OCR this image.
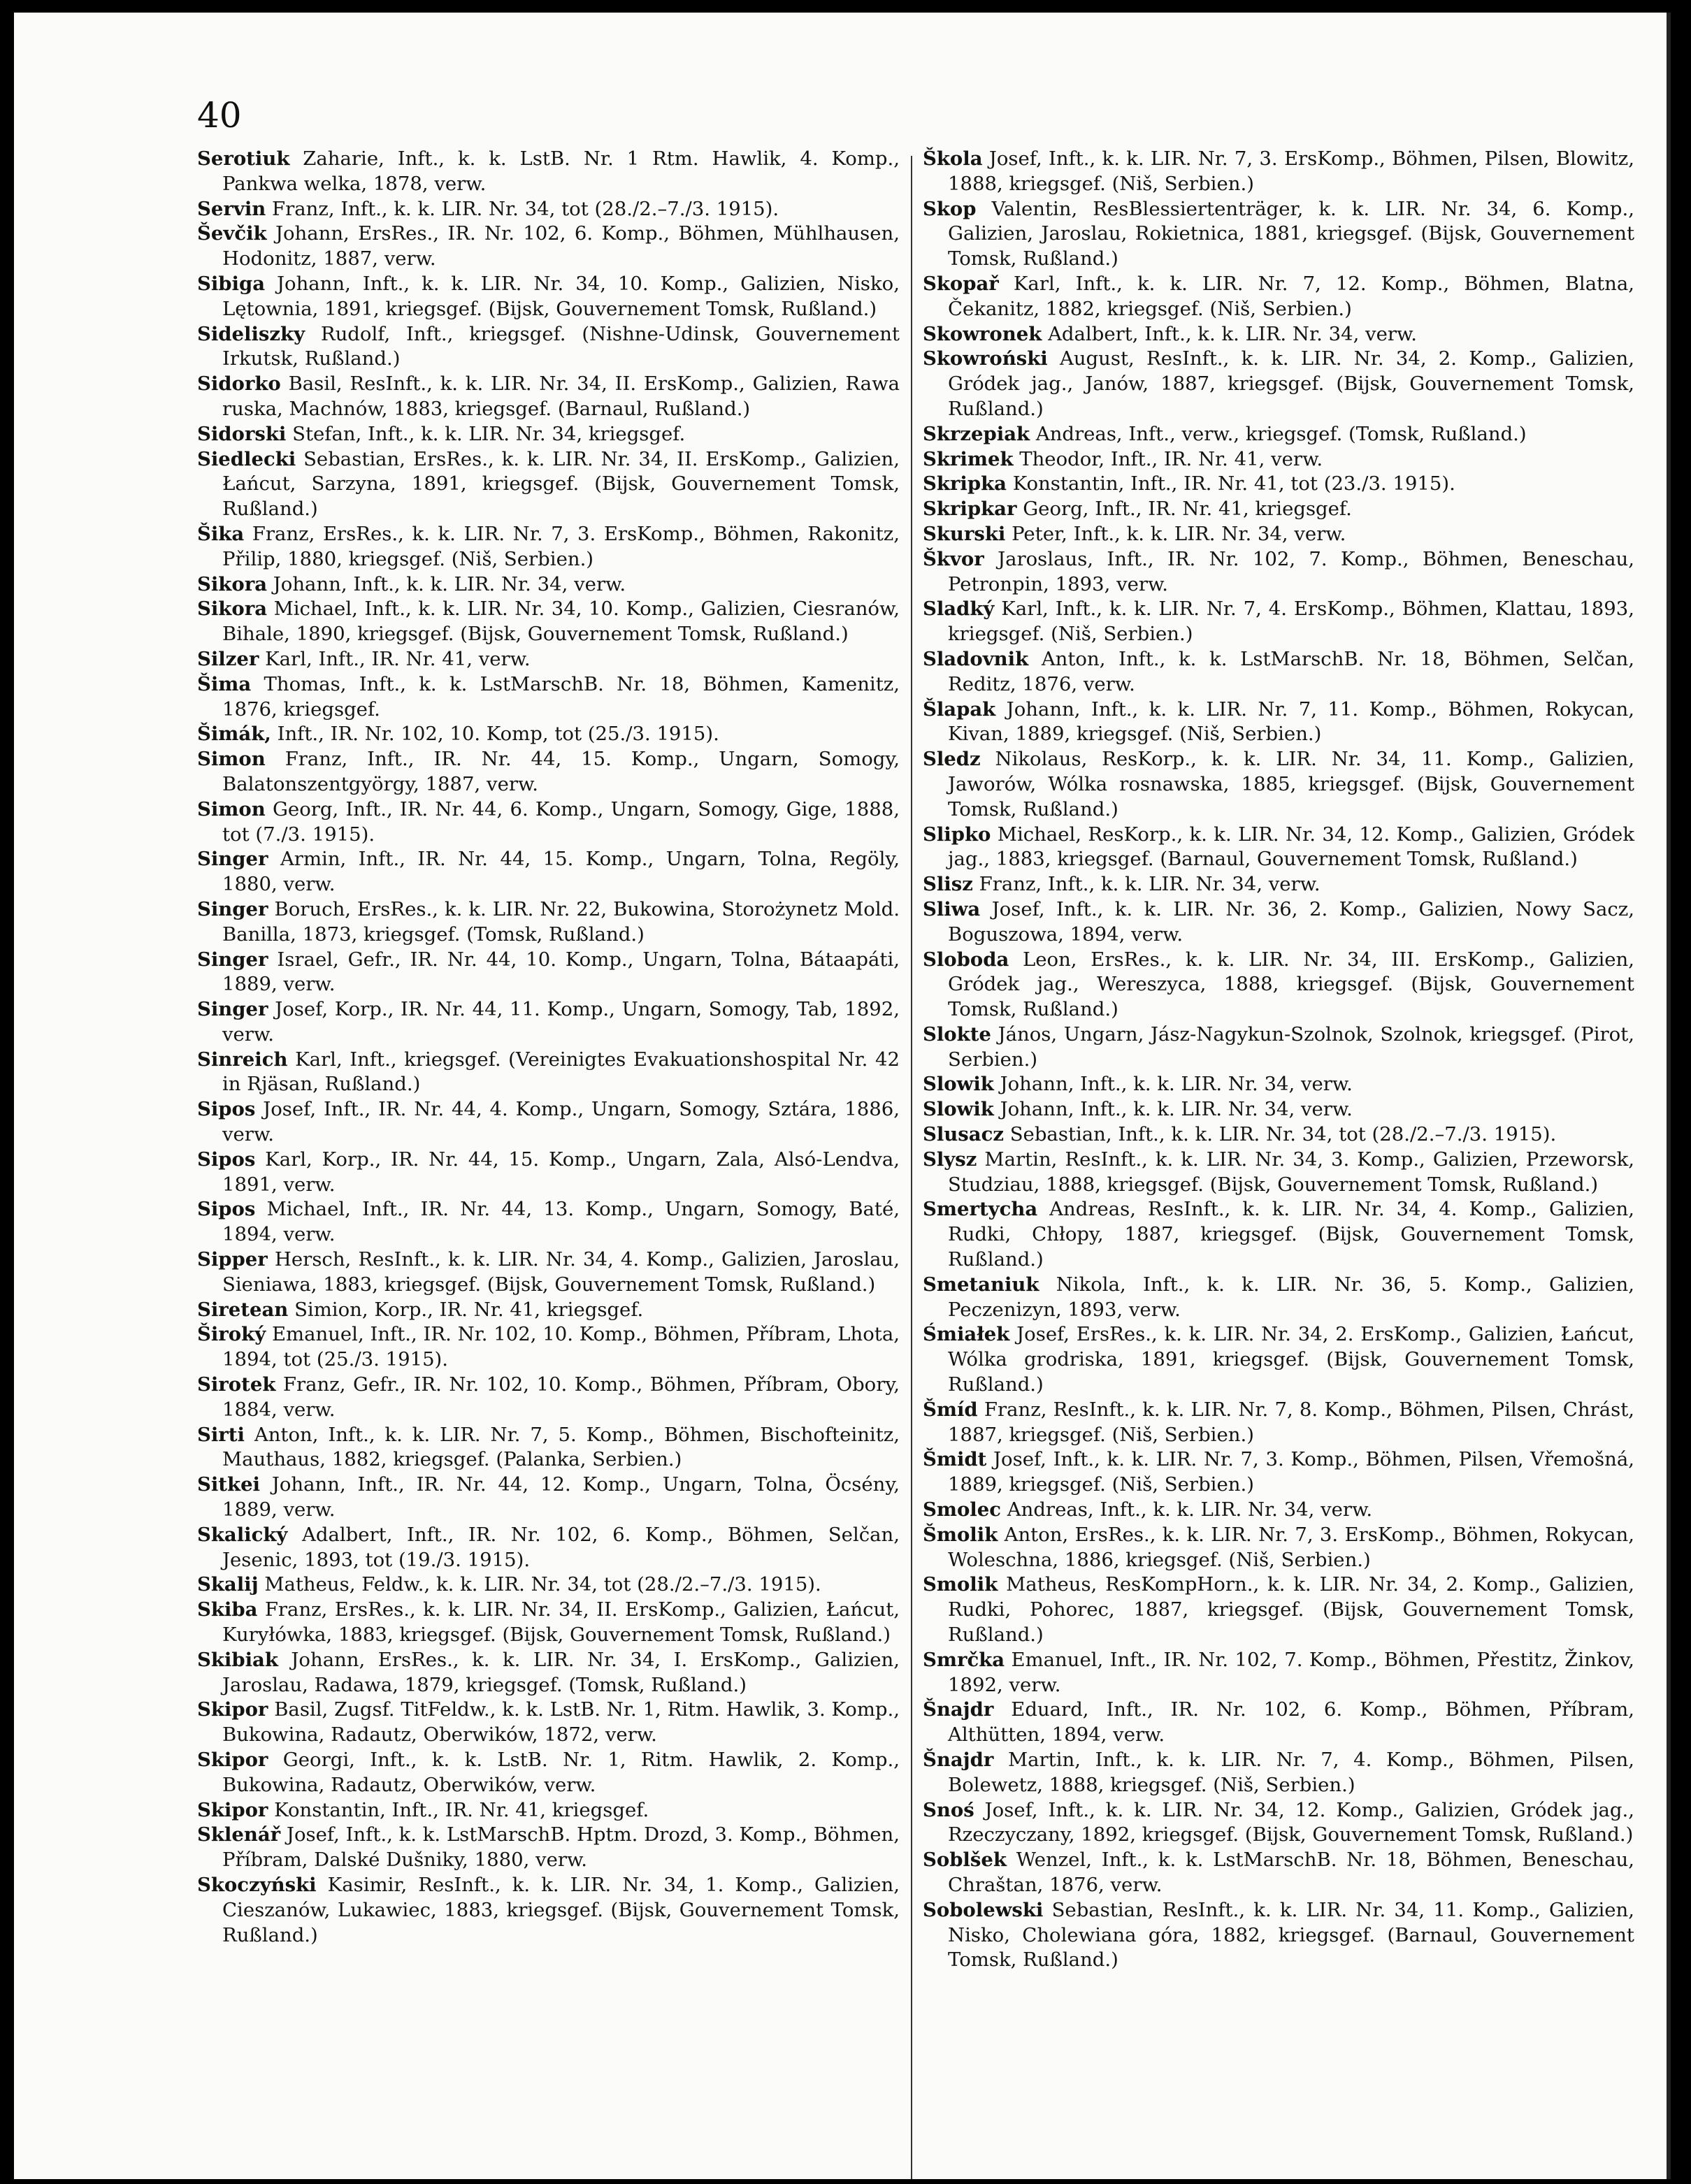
40

Serotiuk Zaharie, Inft., k. k. LstB. Nr. 1 Rtm. Hawlik, 4. Komp., Pankwa welka, 1878, verw.

Servin Franz, Inft., k. k. LIR. Nr. 34, tot (28./2.–7./3. 1915).

Ševčik Johann, ErsRes., IR. Nr. 102, 6. Komp., Böhmen, Mühlhausen, Hodonitz, 1887, verw.

Sibiga Johann, Inft., k. k. LIR. Nr. 34, 10. Komp., Galizien, Nisko, Lętownia, 1891, kriegsgef. (Bijsk, Gouvernement Tomsk, Rußland.)

Sideliszky Rudolf, Inft., kriegsgef. (Nishne-Udinsk, Gouvernement Irkutsk, Rußland.)

Sidorko Basil, ResInft., k. k. LIR. Nr. 34, II. ErsKomp., Galizien, Rawa ruska, Machnów, 1883, kriegsgef. (Barnaul, Rußland.)

Sidorski Stefan, Inft., k. k. LIR. Nr. 34, kriegsgef.

Siedlecki Sebastian, ErsRes., k. k. LIR. Nr. 34, II. ErsKomp., Galizien, Łańcut, Sarzyna, 1891, kriegsgef. (Bijsk, Gouvernement Tomsk, Rußland.)

Šika Franz, ErsRes., k. k. LIR. Nr. 7, 3. ErsKomp., Böhmen, Rakonitz, Přilip, 1880, kriegsgef. (Niš, Serbien.)

Sikora Johann, Inft., k. k. LIR. Nr. 34, verw.

Sikora Michael, Inft., k. k. LIR. Nr. 34, 10. Komp., Galizien, Ciesranów, Bihale, 1890, kriegsgef. (Bijsk, Gouvernement Tomsk, Rußland.)

Silzer Karl, Inft., IR. Nr. 41, verw.

Šima Thomas, Inft., k. k. LstMarschB. Nr. 18, Böhmen, Kamenitz, 1876, kriegsgef.

Šimák, Inft., IR. Nr. 102, 10. Komp, tot (25./3. 1915).

Simon Franz, Inft., IR. Nr. 44, 15. Komp., Ungarn, Somogy, Balatonszentgyörgy, 1887, verw.

Simon Georg, Inft., IR. Nr. 44, 6. Komp., Ungarn, Somogy, Gige, 1888, tot (7./3. 1915).

Singer Armin, Inft., IR. Nr. 44, 15. Komp., Ungarn, Tolna, Regöly, 1880, verw.

Singer Boruch, ErsRes., k. k. LIR. Nr. 22, Bukowina, Storożynetz Mold. Banilla, 1873, kriegsgef. (Tomsk, Rußland.)

Singer Israel, Gefr., IR. Nr. 44, 10. Komp., Ungarn, Tolna, Bátaapáti, 1889, verw.

Singer Josef, Korp., IR. Nr. 44, 11. Komp., Ungarn, Somogy, Tab, 1892, verw.

Sinreich Karl, Inft., kriegsgef. (Vereinigtes Evakuationshospital Nr. 42 in Rjäsan, Rußland.)

Sipos Josef, Inft., IR. Nr. 44, 4. Komp., Ungarn, Somogy, Sztára, 1886, verw.

Sipos Karl, Korp., IR. Nr. 44, 15. Komp., Ungarn, Zala, Alsó-Lendva, 1891, verw.

Sipos Michael, Inft., IR. Nr. 44, 13. Komp., Ungarn, Somogy, Baté, 1894, verw.

Sipper Hersch, ResInft., k. k. LIR. Nr. 34, 4. Komp., Galizien, Jaroslau, Sieniawa, 1883, kriegsgef. (Bijsk, Gouvernement Tomsk, Rußland.)

Siretean Simion, Korp., IR. Nr. 41, kriegsgef.

Široký Emanuel, Inft., IR. Nr. 102, 10. Komp., Böhmen, Příbram, Lhota, 1894, tot (25./3. 1915).

Sirotek Franz, Gefr., IR. Nr. 102, 10. Komp., Böhmen, Příbram, Obory, 1884, verw.

Sirti Anton, Inft., k. k. LIR. Nr. 7, 5. Komp., Böhmen, Bischofteinitz, Mauthaus, 1882, kriegsgef. (Palanka, Serbien.)

Sitkei Johann, Inft., IR. Nr. 44, 12. Komp., Ungarn, Tolna, Öcsény, 1889, verw.

Skalický Adalbert, Inft., IR. Nr. 102, 6. Komp., Böhmen, Selčan, Jesenic, 1893, tot (19./3. 1915).

Skalij Matheus, Feldw., k. k. LIR. Nr. 34, tot (28./2.–7./3. 1915).

Skiba Franz, ErsRes., k. k. LIR. Nr. 34, II. ErsKomp., Galizien, Łańcut, Kuryłówka, 1883, kriegsgef. (Bijsk, Gouvernement Tomsk, Rußland.)

Skibiak Johann, ErsRes., k. k. LIR. Nr. 34, I. ErsKomp., Galizien, Jaroslau, Radawa, 1879, kriegsgef. (Tomsk, Rußland.)

Skipor Basil, Zugsf. TitFeldw., k. k. LstB. Nr. 1, Ritm. Hawlik, 3. Komp., Bukowina, Radautz, Oberwików, 1872, verw.

Skipor Georgi, Inft., k. k. LstB. Nr. 1, Ritm. Hawlik, 2. Komp., Bukowina, Radautz, Oberwików, verw.

Skipor Konstantin, Inft., IR. Nr. 41, kriegsgef.

Sklenář Josef, Inft., k. k. LstMarschB. Hptm. Drozd, 3. Komp., Böhmen, Příbram, Dalské Dušniky, 1880, verw.

Skoczyński Kasimir, ResInft., k. k. LIR. Nr. 34, 1. Komp., Galizien, Cieszanów, Lukawiec, 1883, kriegsgef. (Bijsk, Gouvernement Tomsk, Rußland.)

Škola Josef, Inft., k. k. LIR. Nr. 7, 3. ErsKomp., Böhmen, Pilsen, Blowitz, 1888, kriegsgef. (Niš, Serbien.)

Skop Valentin, ResBlessiertenträger, k. k. LIR. Nr. 34, 6. Komp., Galizien, Jaroslau, Rokietnica, 1881, kriegsgef. (Bijsk, Gouvernement Tomsk, Rußland.)

Skopař Karl, Inft., k. k. LIR. Nr. 7, 12. Komp., Böhmen, Blatna, Čekanitz, 1882, kriegsgef. (Niš, Serbien.)

Skowronek Adalbert, Inft., k. k. LIR. Nr. 34, verw.

Skowroński August, ResInft., k. k. LIR. Nr. 34, 2. Komp., Galizien, Gródek jag., Janów, 1887, kriegsgef. (Bijsk, Gouvernement Tomsk, Rußland.)

Skrzepiak Andreas, Inft., verw., kriegsgef. (Tomsk, Rußland.)

Skrimek Theodor, Inft., IR. Nr. 41, verw.

Skripka Konstantin, Inft., IR. Nr. 41, tot (23./3. 1915).

Skripkar Georg, Inft., IR. Nr. 41, kriegsgef.

Skurski Peter, Inft., k. k. LIR. Nr. 34, verw.

Škvor Jaroslaus, Inft., IR. Nr. 102, 7. Komp., Böhmen, Beneschau, Petronpin, 1893, verw.

Sladký Karl, Inft., k. k. LIR. Nr. 7, 4. ErsKomp., Böhmen, Klattau, 1893, kriegsgef. (Niš, Serbien.)

Sladovnik Anton, Inft., k. k. LstMarschB. Nr. 18, Böhmen, Selčan, Reditz, 1876, verw.

Šlapak Johann, Inft., k. k. LIR. Nr. 7, 11. Komp., Böhmen, Rokycan, Kivan, 1889, kriegsgef. (Niš, Serbien.)

Sledz Nikolaus, ResKorp., k. k. LIR. Nr. 34, 11. Komp., Galizien, Jaworów, Wólka rosnawska, 1885, kriegsgef. (Bijsk, Gouvernement Tomsk, Rußland.)

Slipko Michael, ResKorp., k. k. LIR. Nr. 34, 12. Komp., Galizien, Gródek jag., 1883, kriegsgef. (Barnaul, Gouvernement Tomsk, Rußland.)

Slisz Franz, Inft., k. k. LIR. Nr. 34, verw.

Sliwa Josef, Inft., k. k. LIR. Nr. 36, 2. Komp., Galizien, Nowy Sacz, Boguszowa, 1894, verw.

Sloboda Leon, ErsRes., k. k. LIR. Nr. 34, III. ErsKomp., Galizien, Gródek jag., Wereszyca, 1888, kriegsgef. (Bijsk, Gouvernement Tomsk, Rußland.)

Slokte János, Ungarn, Jász-Nagykun-Szolnok, Szolnok, kriegsgef. (Pirot, Serbien.)

Slowik Johann, Inft., k. k. LIR. Nr. 34, verw.

Slowik Johann, Inft., k. k. LIR. Nr. 34, verw.

Slusacz Sebastian, Inft., k. k. LIR. Nr. 34, tot (28./2.–7./3. 1915).

Slysz Martin, ResInft., k. k. LIR. Nr. 34, 3. Komp., Galizien, Przeworsk, Studziau, 1888, kriegsgef. (Bijsk, Gouvernement Tomsk, Rußland.)

Smertycha Andreas, ResInft., k. k. LIR. Nr. 34, 4. Komp., Galizien, Rudki, Chłopy, 1887, kriegsgef. (Bijsk, Gouvernement Tomsk, Rußland.)

Smetaniuk Nikola, Inft., k. k. LIR. Nr. 36, 5. Komp., Galizien, Peczenizyn, 1893, verw.

Śmiałek Josef, ErsRes., k. k. LIR. Nr. 34, 2. ErsKomp., Galizien, Łańcut, Wólka grodriska, 1891, kriegsgef. (Bijsk, Gouvernement Tomsk, Rußland.)

Šmíd Franz, ResInft., k. k. LIR. Nr. 7, 8. Komp., Böhmen, Pilsen, Chrást, 1887, kriegsgef. (Niš, Serbien.)

Šmidt Josef, Inft., k. k. LIR. Nr. 7, 3. Komp., Böhmen, Pilsen, Vřemošná, 1889, kriegsgef. (Niš, Serbien.)

Smolec Andreas, Inft., k. k. LIR. Nr. 34, verw.

Šmolik Anton, ErsRes., k. k. LIR. Nr. 7, 3. ErsKomp., Böhmen, Rokycan, Woleschna, 1886, kriegsgef. (Niš, Serbien.)

Smolik Matheus, ResKompHorn., k. k. LIR. Nr. 34, 2. Komp., Galizien, Rudki, Pohorec, 1887, kriegsgef. (Bijsk, Gouvernement Tomsk, Rußland.)

Smrčka Emanuel, Inft., IR. Nr. 102, 7. Komp., Böhmen, Přestitz, Žinkov, 1892, verw.

Šnajdr Eduard, Inft., IR. Nr. 102, 6. Komp., Böhmen, Příbram, Althütten, 1894, verw.

Šnajdr Martin, Inft., k. k. LIR. Nr. 7, 4. Komp., Böhmen, Pilsen, Bolewetz, 1888, kriegsgef. (Niš, Serbien.)

Snoś Josef, Inft., k. k. LIR. Nr. 34, 12. Komp., Galizien, Gródek jag., Rzeczyczany, 1892, kriegsgef. (Bijsk, Gouvernement Tomsk, Rußland.)

Soblšek Wenzel, Inft., k. k. LstMarschB. Nr. 18, Böhmen, Beneschau, Chraštan, 1876, verw.

Sobolewski Sebastian, ResInft., k. k. LIR. Nr. 34, 11. Komp., Galizien, Nisko, Cholewiana góra, 1882, kriegsgef. (Barnaul, Gouvernement Tomsk, Rußland.)
